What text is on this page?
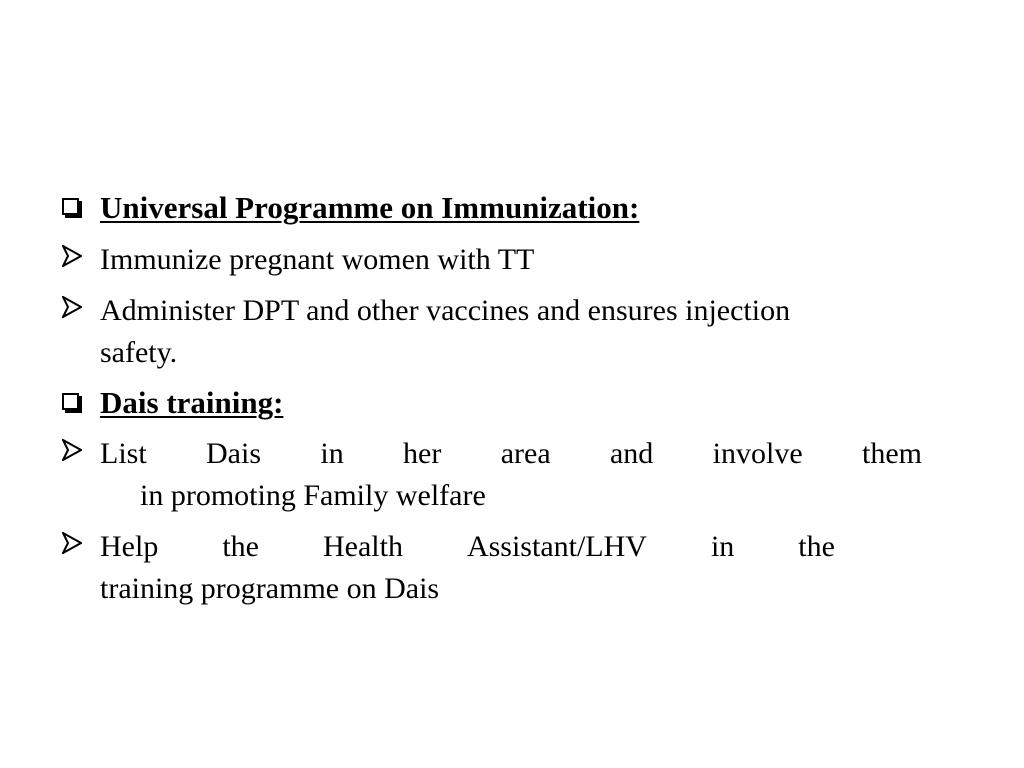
Universal Programme on Immunization:
Immunize pregnant women with TT
Administer DPT and other vaccines and ensures injection
safety.
Dais training:
List Dais in her area and involve them
in promoting Family welfare
Help the Health Assistant/LHV in the
training programme on Dais
